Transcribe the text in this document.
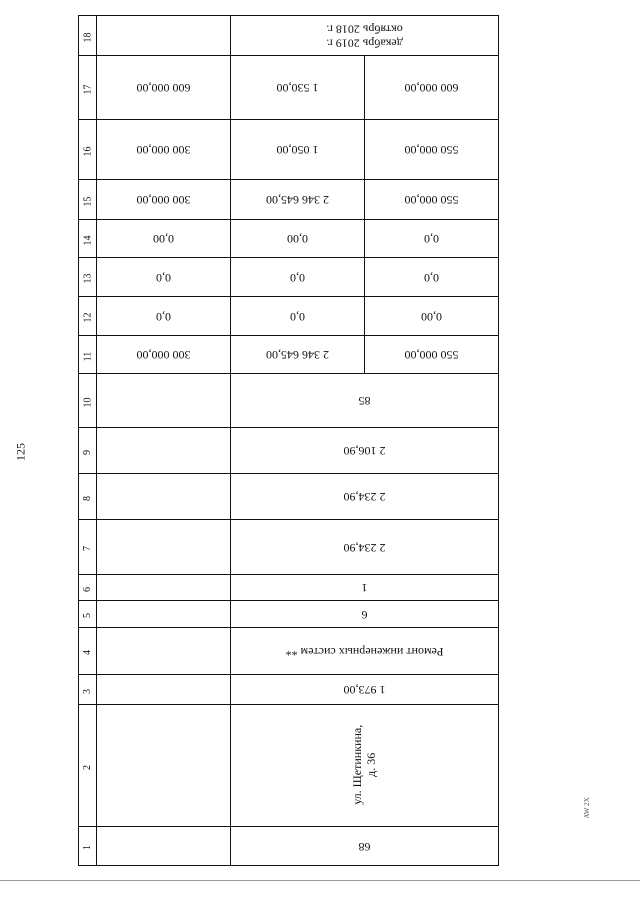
125
AW 2X
18		декабрь 2019 г.
октябрь 2018 г.	

17	600 000,00	1 530,00	600 000,00

16	300 000,00	1 050,00	550 000,00

15	300 000,00	2 346 645,00	550 000,00

14	0,00	0,00	0,0

13	0,0	0,0	0,0

12	0,0	0,0	0,00

11	300 000,00	2 346 645,00	550 000,00

10		85	

9		2 106,90	

8		2 234,90	

7		2 234,90	

6		1	

5		6	

4		Ремонт инженерных систем **	

3		1 973,00	

2		ул. Щетинкина, д. 36	

1		68	
